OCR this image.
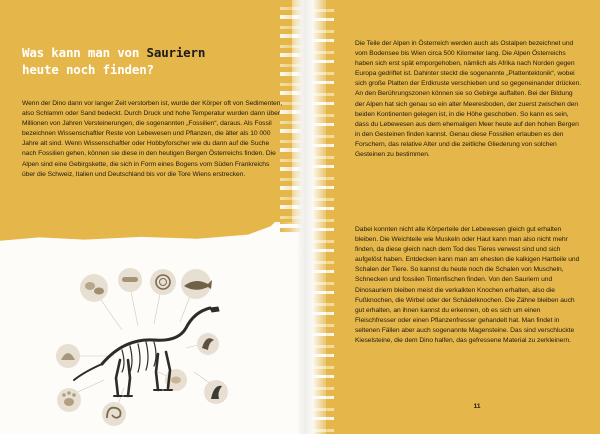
Was kann man von Sauriern
heute noch finden?

Wenn der Dino dann vor langer Zeit verstorben ist, wurde der Körper oft von Sedimenten, also Schlamm oder Sand bedeckt. Durch Druck und hohe Temperatur wurden dann über Millionen von Jahren Versteinerungen, die sogenannten „Fossilien“, daraus. Als Fossil bezeichnen Wissenschaftler Reste von Lebewesen und Pflanzen, die älter als 10 000 Jahre alt sind. Wenn Wissenschaftler oder Hobbyforscher wie du dann auf die Suche nach Fossilien gehen, können sie diese in den heutigen Bergen Österreichs finden. Die Alpen sind eine Gebirgskette, die sich in Form eines Bogens vom Süden Frankreichs über die Schweiz, Italien und Deutschland bis vor die Tore Wiens erstrecken.

Die Teile der Alpen in Österreich werden auch als Ostalpen bezeichnet und vom Bodensee bis Wien circa 500 Kilometer lang. Die Alpen Österreichs haben sich erst spät emporgehoben, nämlich als Afrika nach Norden gegen Europa gedriftet ist. Dahinter steckt die sogenannte „Plattentektonik“, wobei sich große Platten der Erdkruste verschieben und so gegeneinander drücken. An den Berührungszonen können sie so Gebirge auffalten. Bei der Bildung der Alpen hat sich genau so ein alter Meeresboden, der zuerst zwischen den beiden Kontinenten gelegen ist, in die Höhe geschoben. So kann es sein, dass du Lebewesen aus dem ehemaligen Meer heute auf den hohen Bergen in den Gesteinen finden kannst. Genau diese Fossilien erlauben es den Forschern, das relative Alter und die zeitliche Gliederung von solchen Gesteinen zu bestimmen.

Dabei konnten nicht alle Körperteile der Lebewesen gleich gut erhalten bleiben. Die Weichteile wie Muskeln oder Haut kann man also nicht mehr finden, da diese gleich nach dem Tod des Tieres verwest sind und sich aufgelöst haben. Entdecken kann man am ehesten die kalkigen Hartteile und Schalen der Tiere. So kannst du heute noch die Schalen von Muscheln, Schnecken und fossilen Tintenfischen finden. Von den Sauriern und Dinosauriern bleiben meist die verkalkten Knochen erhalten, also die Fußknochen, die Wirbel oder der Schädelknochen. Die Zähne bleiben auch gut erhalten, an ihnen kannst du erkennen, ob es sich um einen Fleischfresser oder einen Pflanzenfresser gehandelt hat. Man findet in seltenen Fällen aber auch sogenannte Magensteine. Das sind verschluckte Kieselsteine, die dem Dino halfen, das gefressene Material zu zerkleinern.

11
